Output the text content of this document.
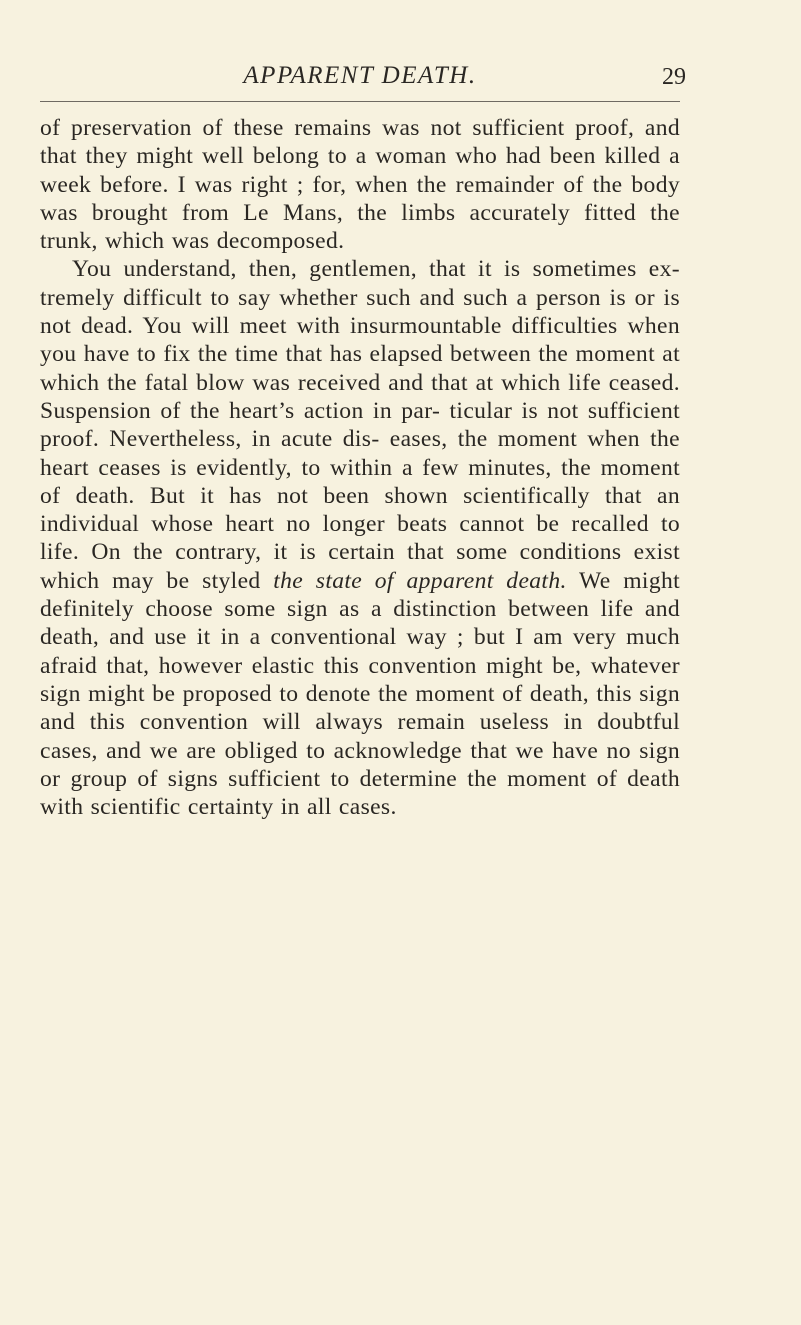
APPARENT DEATH.	29

of preservation of these remains was not sufficient proof, and that they might well belong to a woman who had been killed a week before. I was right ; for, when the remainder of the body was brought from Le Mans, the limbs accurately fitted the trunk, which was decomposed.

You understand, then, gentlemen, that it is sometimes ex- tremely difficult to say whether such and such a person is or is not dead. You will meet with insurmountable difficulties when you have to fix the time that has elapsed between the moment at which the fatal blow was received and that at which life ceased. Suspension of the heart’s action in par- ticular is not sufficient proof. Nevertheless, in acute dis- eases, the moment when the heart ceases is evidently, to within a few minutes, the moment of death. But it has not been shown scientifically that an individual whose heart no longer beats cannot be recalled to life. On the contrary, it is certain that some conditions exist which may be styled the state of apparent death. We might definitely choose some sign as a distinction between life and death, and use it in a conventional way ; but I am very much afraid that, however elastic this convention might be, whatever sign might be proposed to denote the moment of death, this sign and this convention will always remain useless in doubtful cases, and we are obliged to acknowledge that we have no sign or group of signs sufficient to determine the moment of death with scientific certainty in all cases.
